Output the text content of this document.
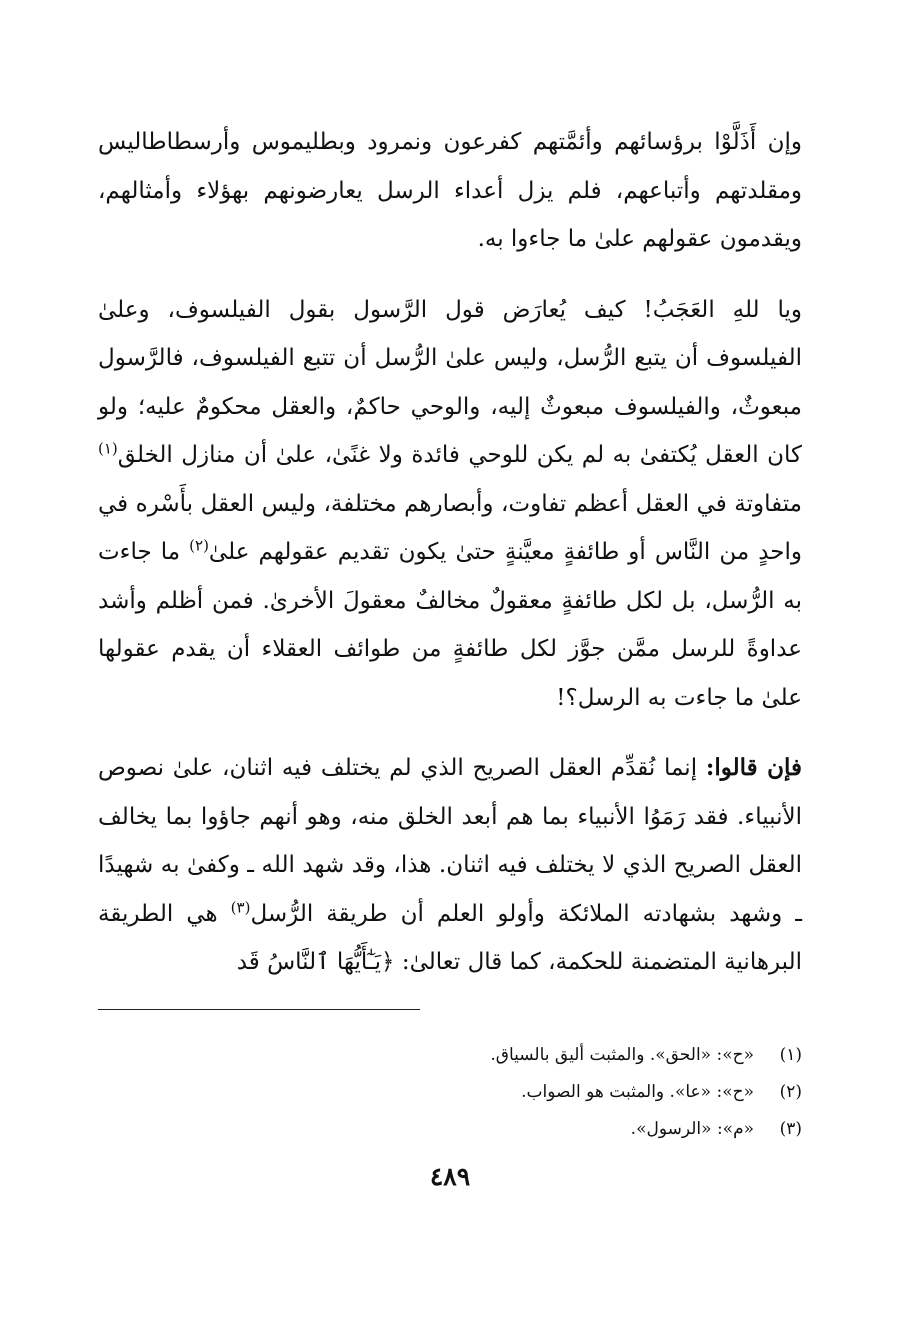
وإن أَذَلَّوْا برؤسائهم وأئمَّتهم كفرعون ونمرود وبطليموس وأرسطاطاليس ومقلدتهم وأتباعهم، فلم يزل أعداء الرسل يعارضونهم بهؤلاء وأمثالهم، ويقدمون عقولهم علىٰ ما جاءوا به.

ويا للهِ العَجَبُ! كيف يُعارَض قول الرَّسول بقول الفيلسوف، وعلىٰ الفيلسوف أن يتبع الرُّسل، وليس علىٰ الرُّسل أن تتبع الفيلسوف، فالرَّسول مبعوثٌ، والفيلسوف مبعوثٌ إليه، والوحي حاكمٌ، والعقل محكومٌ عليه؛ ولو كان العقل يُكتفىٰ به لم يكن للوحي فائدة ولا غنًىٰ، علىٰ أن منازل الخلق$^{(١)}$ متفاوتة في العقل أعظم تفاوت، وأبصارهم مختلفة، وليس العقل بأَسْره في واحدٍ من النَّاس أو طائفةٍ معيَّنةٍ حتىٰ يكون تقديم عقولهم علىٰ$^{(٢)}$ ما جاءت به الرُّسل، بل لكل طائفةٍ معقولٌ مخالفٌ معقولَ الأخرىٰ. فمن أظلم وأشد عداوةً للرسل ممَّن جوَّز لكل طائفةٍ من طوائف العقلاء أن يقدم عقولها علىٰ ما جاءت به الرسل؟!

فإن قالوا: إنما نُقدِّم العقل الصريح الذي لم يختلف فيه اثنان، علىٰ نصوص الأنبياء. فقد رَمَوُا الأنبياء بما هم أبعد الخلق منه، وهو أنهم جاؤوا بما يخالف العقل الصريح الذي لا يختلف فيه اثنان. هذا، وقد شهد الله ـ وكفىٰ به شهيدًا ـ وشهد بشهادته الملائكة وأولو العلم أن طريقة الرُّسل$^{(٣)}$ هي الطريقة البرهانية المتضمنة للحكمة، كما قال تعالىٰ: ﴿يَـٰٓأَيُّهَا ٱلنَّاسُ قَد

(١)
«ح»: «الحق». والمثبت أليق بالسياق.
(٢)
«ح»: «عا». والمثبت هو الصواب.
(٣)
«م»: «الرسول».
٤٨٩
